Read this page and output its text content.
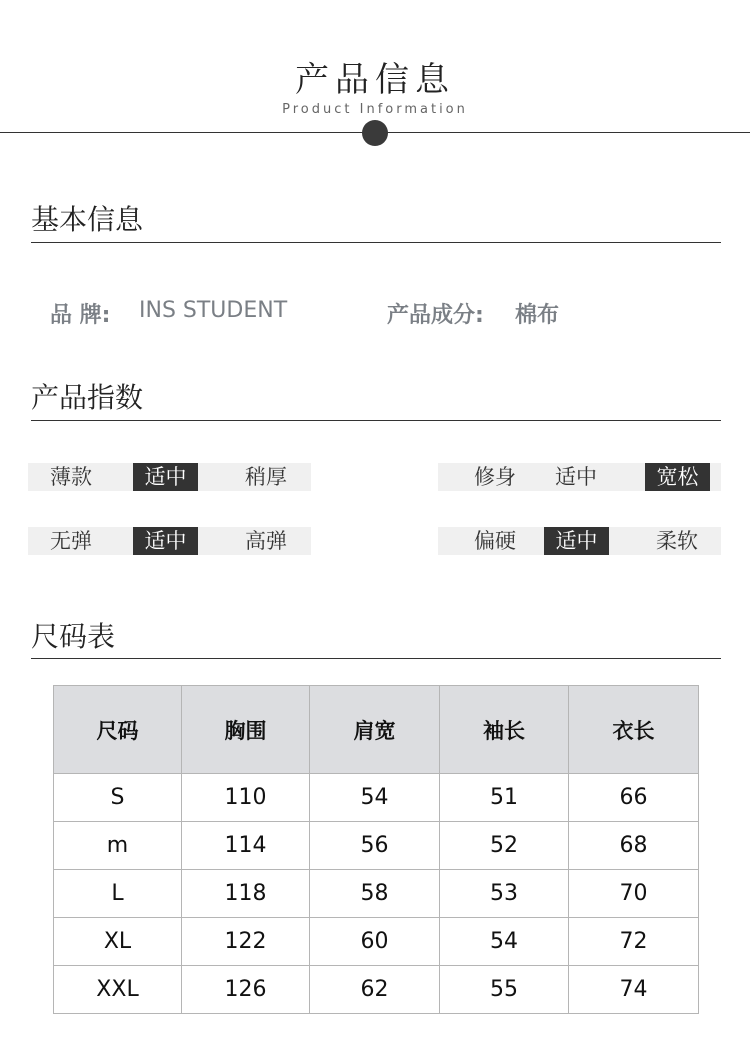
产品信息
Product Information
基本信息
品 牌: INS STUDENT	产品成分: 棉布
产品指数
薄款	适中	稍厚	修身	适中	宽松
无弹	适中	高弹	偏硬	适中	柔软
尺码表
尺码	胸围	肩宽	袖长	衣长
S	110	54	51	66
m	114	56	52	68
L	118	58	53	70
XL	122	60	54	72
XXL	126	62	55	74
